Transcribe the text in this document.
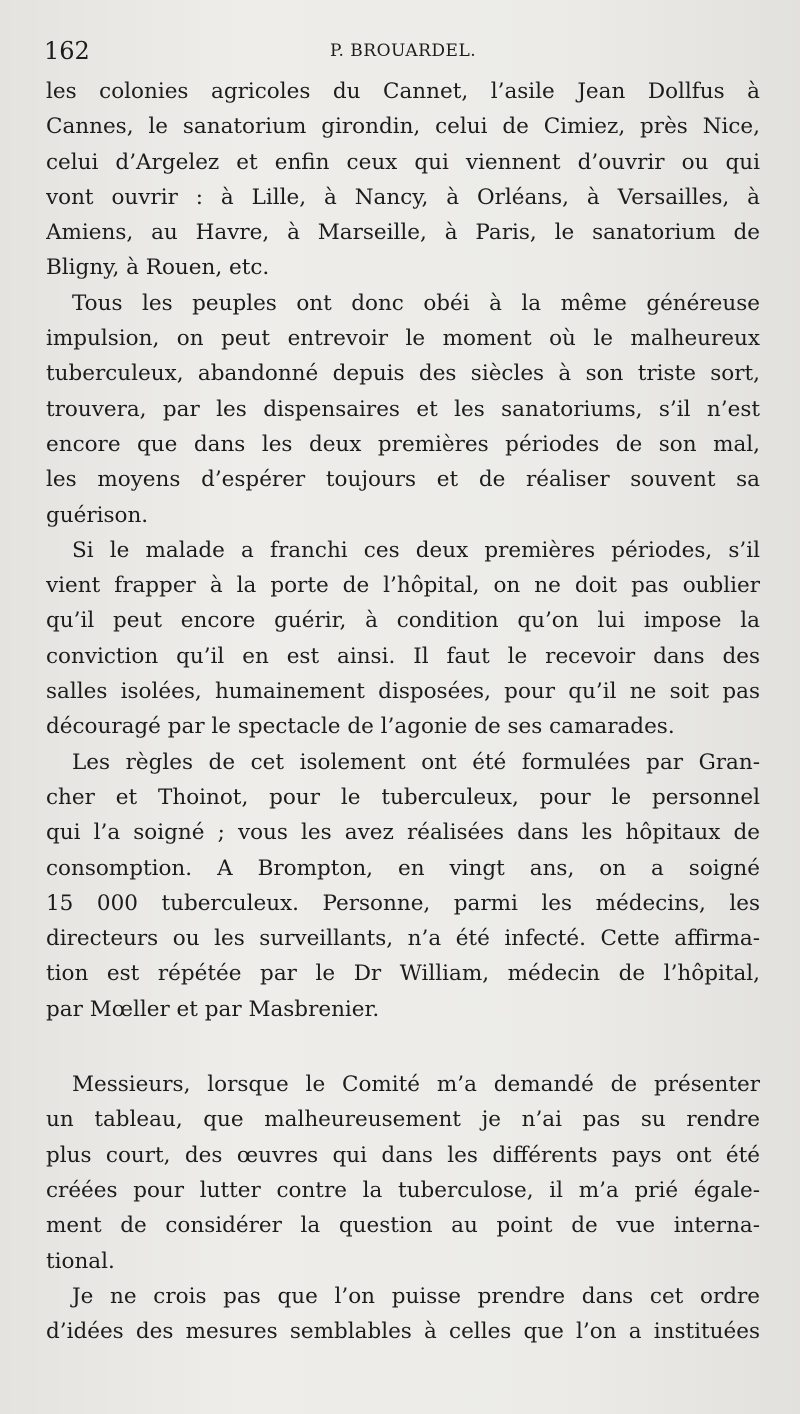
162	P. BROUARDEL.
les colonies agricoles du Cannet, l’asile Jean Dollfus à
Cannes, le sanatorium girondin, celui de Cimiez, près Nice,
celui d’Argelez et enfin ceux qui viennent d’ouvrir ou qui
vont ouvrir : à Lille, à Nancy, à Orléans, à Versailles, à
Amiens, au Havre, à Marseille, à Paris, le sanatorium de
Bligny, à Rouen, etc.
Tous les peuples ont donc obéi à la même généreuse
impulsion, on peut entrevoir le moment où le malheureux
tuberculeux, abandonné depuis des siècles à son triste sort,
trouvera, par les dispensaires et les sanatoriums, s’il n’est
encore que dans les deux premières périodes de son mal,
les moyens d’espérer toujours et de réaliser souvent sa
guérison.
Si le malade a franchi ces deux premières périodes, s’il
vient frapper à la porte de l’hôpital, on ne doit pas oublier
qu’il peut encore guérir, à condition qu’on lui impose la
conviction qu’il en est ainsi. Il faut le recevoir dans des
salles isolées, humainement disposées, pour qu’il ne soit pas
découragé par le spectacle de l’agonie de ses camarades.
Les règles de cet isolement ont été formulées par Gran-
cher et Thoinot, pour le tuberculeux, pour le personnel
qui l’a soigné ; vous les avez réalisées dans les hôpitaux de
consomption. A Brompton, en vingt ans, on a soigné
15 000 tuberculeux. Personne, parmi les médecins, les
directeurs ou les surveillants, n’a été infecté. Cette affirma-
tion est répétée par le Dr William, médecin de l’hôpital,
par Mœller et par Masbrenier.
Messieurs, lorsque le Comité m’a demandé de présenter
un tableau, que malheureusement je n’ai pas su rendre
plus court, des œuvres qui dans les différents pays ont été
créées pour lutter contre la tuberculose, il m’a prié égale-
ment de considérer la question au point de vue interna-
tional.
Je ne crois pas que l’on puisse prendre dans cet ordre
d’idées des mesures semblables à celles que l’on a instituées
